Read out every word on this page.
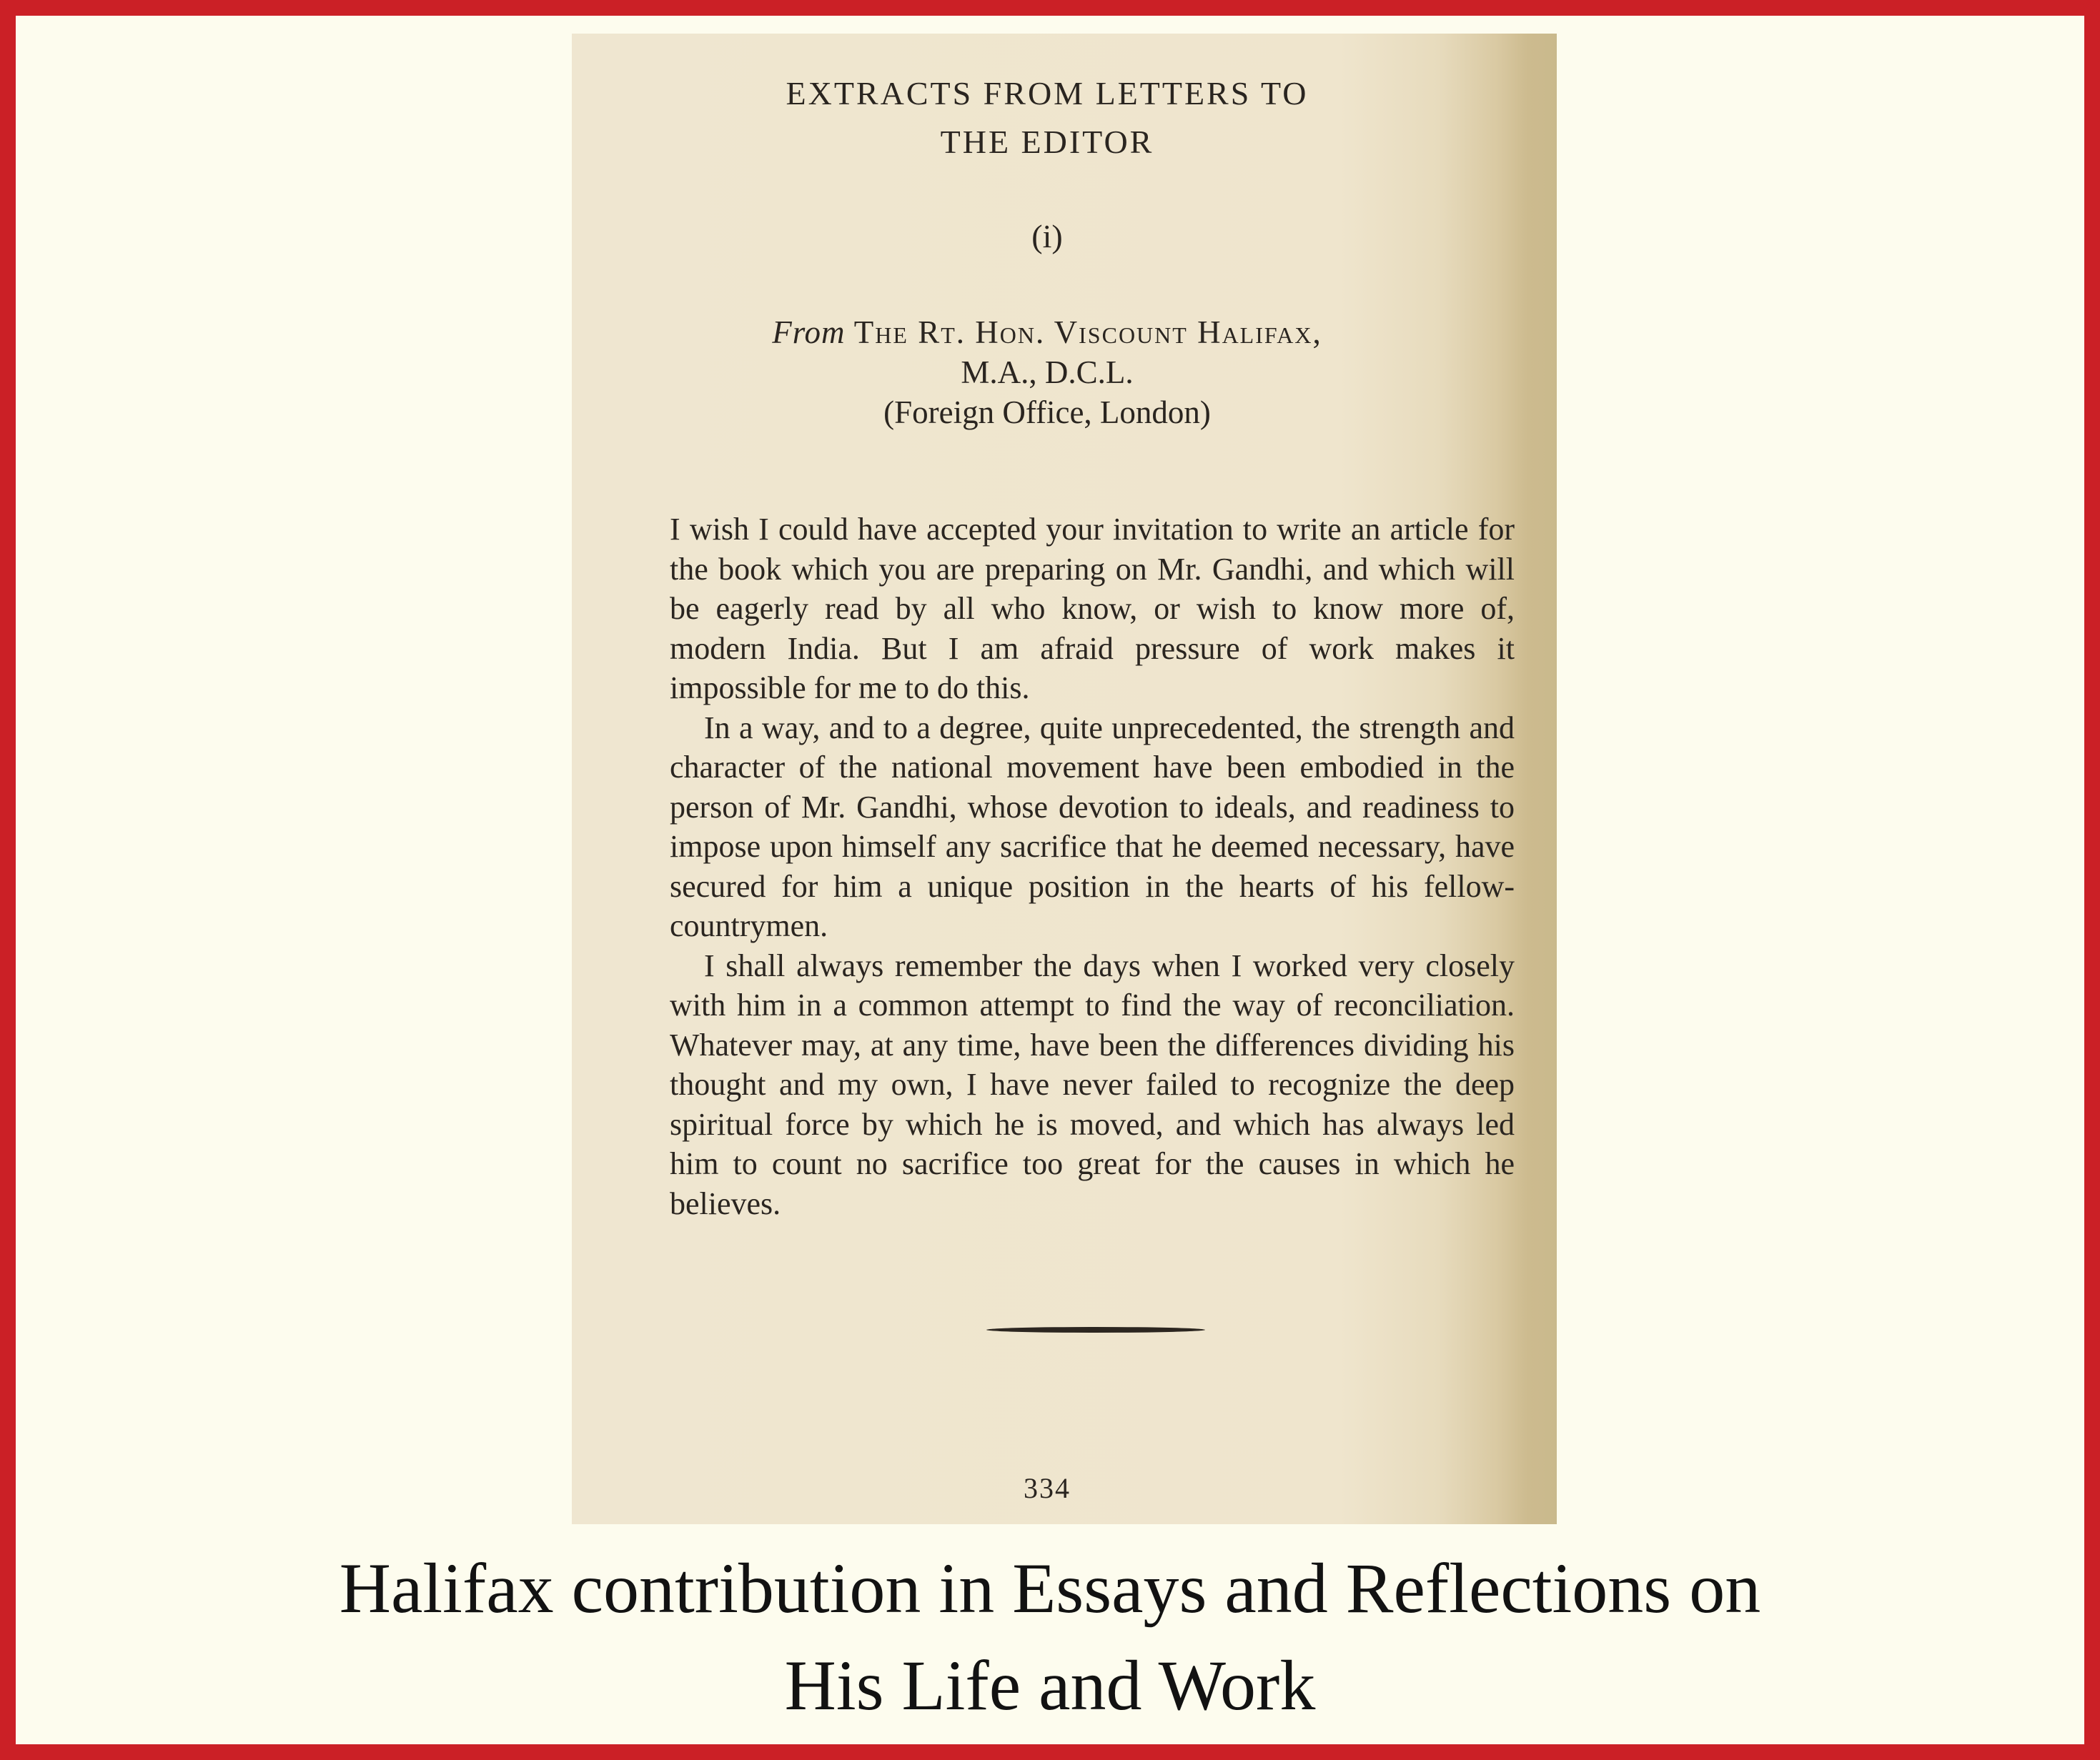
EXTRACTS FROM LETTERS TO
THE EDITOR
(i)
From The Rt. Hon. Viscount Halifax,
M.A., D.C.L.
(Foreign Office, London)

I wish I could have accepted your invitation to write an article for the book which you are preparing on Mr. Gandhi, and which will be eagerly read by all who know, or wish to know more of, modern India. But I am afraid pressure of work makes it impossible for me to do this.

In a way, and to a degree, quite unprecedented, the strength and character of the national movement have been embodied in the person of Mr. Gandhi, whose devotion to ideals, and readiness to impose upon himself any sacrifice that he deemed necessary, have secured for him a unique position in the hearts of his fellow-countrymen.

I shall always remember the days when I worked very closely with him in a common attempt to find the way of reconciliation. Whatever may, at any time, have been the differences dividing his thought and my own, I have never failed to recognize the deep spiritual force by which he is moved, and which has always led him to count no sacrifice too great for the causes in which he believes.

334
Halifax contribution in Essays and Reflections on
His Life and Work
